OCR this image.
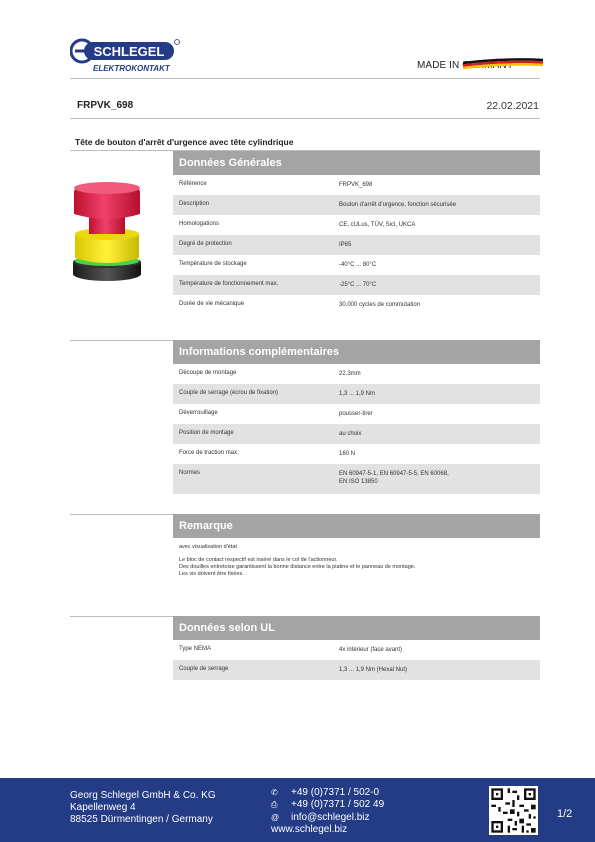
SCHLEGEL
ELEKTROKONTAKT	MADE IN GERMANY
FRPVK_698	22.02.2021
Tête de bouton d'arrêt d'urgence avec tête cylindrique
Données Générales
Référence	FRPVK_698
Description	Bouton d'arrêt d'urgence, fonction sécurisée
Homologations	CE, cULus, TÜV, Sicl, UKCA
Degré de protection	IP65
Température de stockage	-40°C ... 80°C
Température de fonctionnement max.	-25°C ... 70°C
Durée de vie mécanique	30.000 cycles de commutation
Informations complémentaires
Découpe de montage	22.3mm
Couple de serrage (écrou de fixation)	1,3 ... 1,9 Nm
Déverrouillage	pousser-tirer
Position de montage	au choix
Force de traction max.	160 N
Normes	EN 60947-5-1, EN 60947-5-5, EN 60068,
EN ISO 13850
Remarque

avec visualisation d'état

Le bloc de contact respectif est inséré dans le col de l'actionneur.
Des douilles entretoise garantissent la bonne distance entre la platine et le panneau de montage.
Les vis doivent être fixées.
Données selon UL
Type NEMA	4x intérieur (face avant)
Couple de serrage	1,3 ... 1,9 Nm (Hexal Nut)
Georg Schlegel GmbH & Co. KG
Kapellenweg 4
88525 Dürmentingen / Germany
✆	+49 (0)7371 / 502-0
⎙	+49 (0)7371 / 502 49
@	info@schlegel.biz
www.schlegel.biz
1/2
